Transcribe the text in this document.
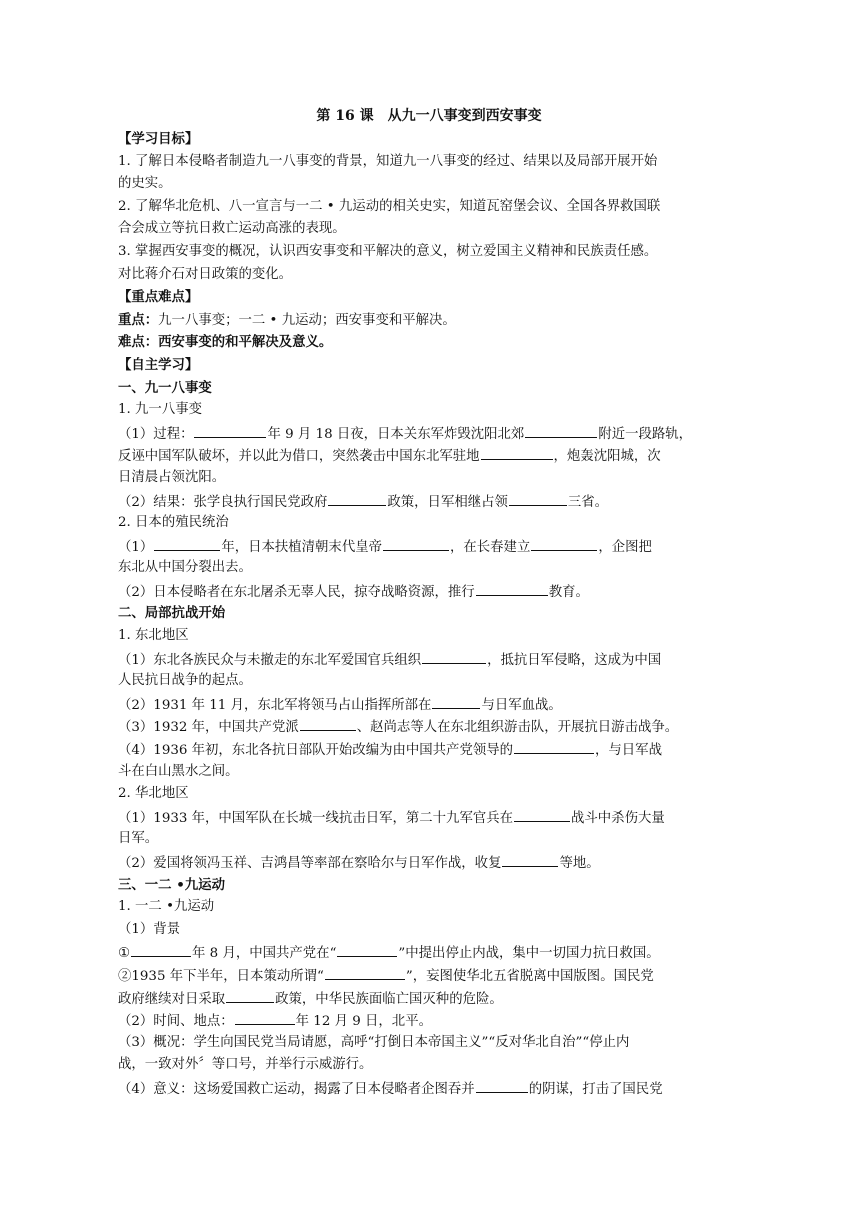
第 16 课　从九一八事变到西安事变
【学习目标】
1. 了解日本侵略者制造九一八事变的背景，知道九一八事变的经过、结果以及局部开展开始
的史实。
2. 了解华北危机、八一宣言与一二 • 九运动的相关史实，知道瓦窑堡会议、全国各界救国联
合会成立等抗日救亡运动高涨的表现。
3. 掌握西安事变的概况，认识西安事变和平解决的意义，树立爱国主义精神和民族责任感。
对比蒋介石对日政策的变化。
【重点难点】
重点：九一八事变；一二 • 九运动；西安事变和平解决。
难点：西安事变的和平解决及意义。
【自主学习】
一、九一八事变
1. 九一八事变
（1）过程：	年 9 月 18 日夜，日本关东军炸毁沈阳北郊	附近一段路轨，
反诬中国军队破坏，并以此为借口，突然袭击中国东北军驻地	，炮轰沈阳城，次
日清晨占领沈阳。
（2）结果：张学良执行国民党政府	政策，日军相继占领	三省。
2. 日本的殖民统治
（1）	年，日本扶植清朝末代皇帝	，在长春建立	，企图把
东北从中国分裂出去。
（2）日本侵略者在东北屠杀无辜人民，掠夺战略资源，推行	教育。
二、局部抗战开始
1. 东北地区
（1）东北各族民众与未撤走的东北军爱国官兵组织	，抵抗日军侵略，这成为中国
人民抗日战争的起点。
（2）1931 年 11 月，东北军将领马占山指挥所部在	与日军血战。
（3）1932 年，中国共产党派	、赵尚志等人在东北组织游击队，开展抗日游击战争。
（4）1936 年初，东北各抗日部队开始改编为由中国共产党领导的	，与日军战
斗在白山黑水之间。
2. 华北地区
（1）1933 年，中国军队在长城一线抗击日军，第二十九军官兵在	战斗中杀伤大量
日军。
（2）爱国将领冯玉祥、吉鸿昌等率部在察哈尔与日军作战，收复	等地。
三、一二 •九运动
1. 一二 •九运动
（1）背景
①	年 8 月，中国共产党在“	”中提出停止内战，集中一切国力抗日救国。
②1935 年下半年，日本策动所谓“	”，妄图使华北五省脱离中国版图。国民党
政府继续对日采取	政策，中华民族面临亡国灭种的危险。
（2）时间、地点：	年 12 月 9 日，北平。
（3）概况：学生向国民党当局请愿，高呼“打倒日本帝国主义”“反对华北自治”“停止内
战，一致对外〞等口号，并举行示威游行。
（4）意义：这场爱国救亡运动，揭露了日本侵略者企图吞并	的阴谋，打击了国民党
